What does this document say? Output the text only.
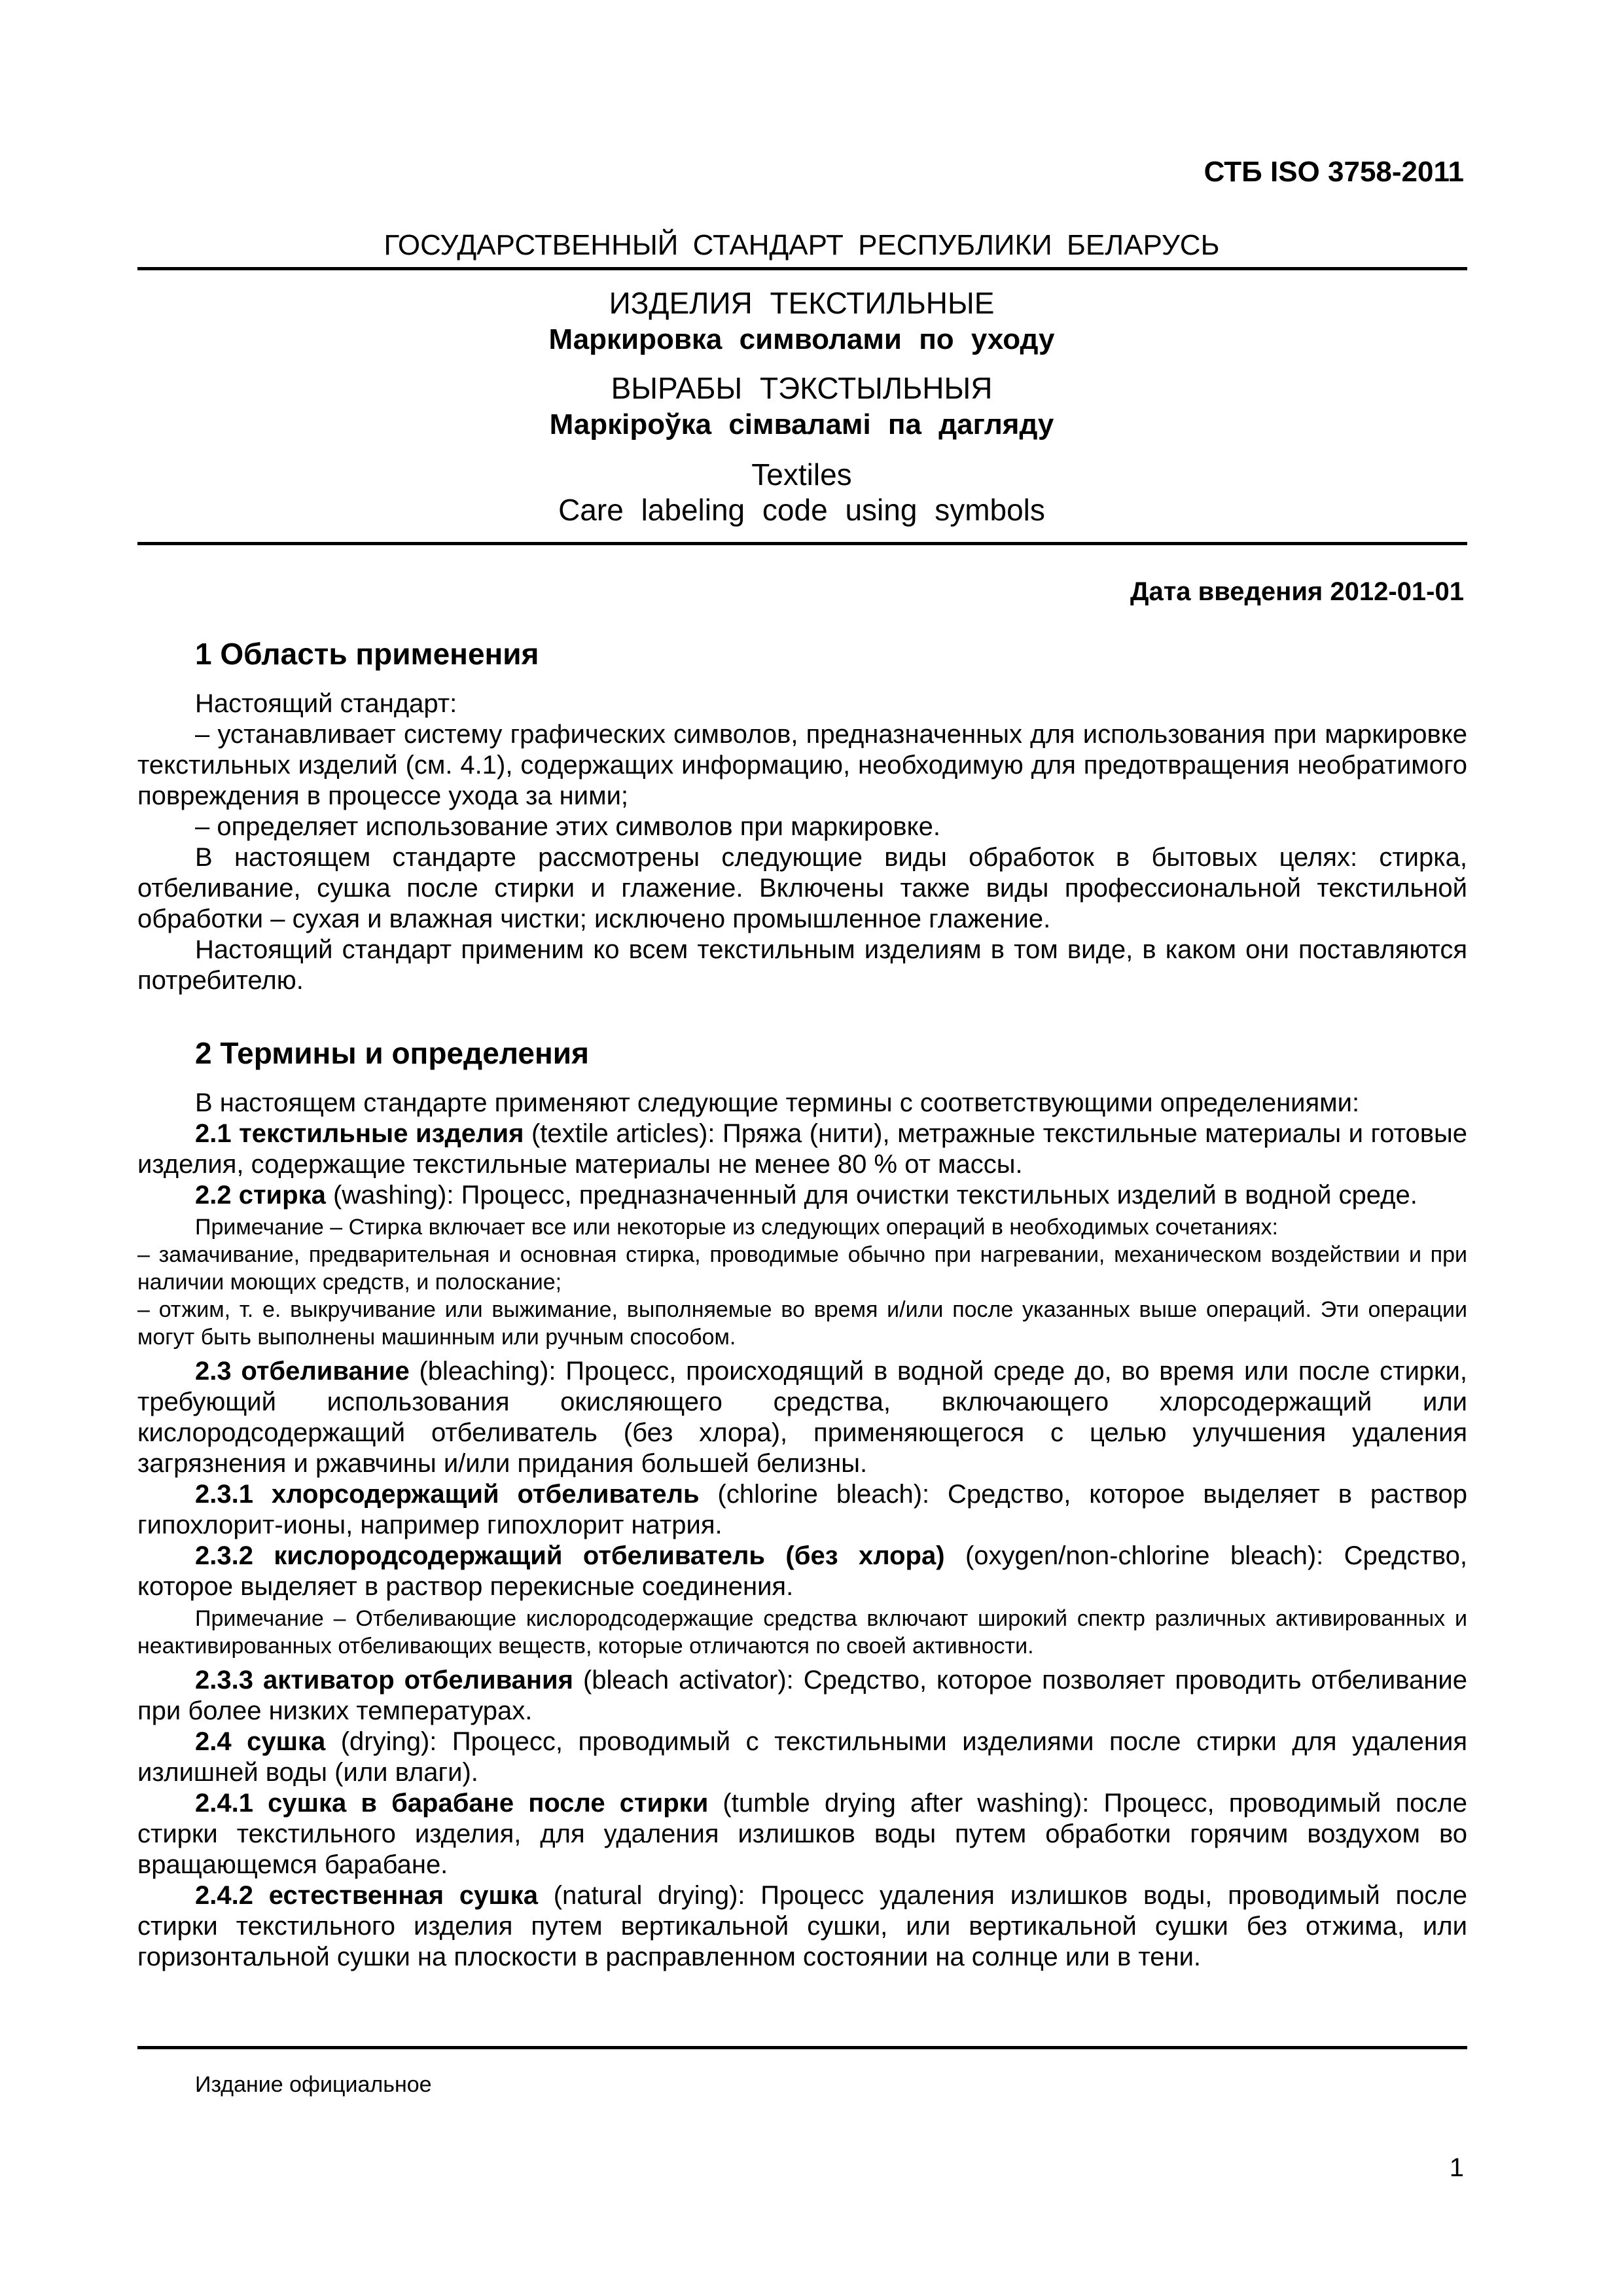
СТБ ISO 3758-2011
ГОСУДАРСТВЕННЫЙ СТАНДАРТ РЕСПУБЛИКИ БЕЛАРУСЬ
ИЗДЕЛИЯ ТЕКСТИЛЬНЫЕ
Маркировка символами по уходу
ВЫРАБЫ ТЭКСТЫЛЬНЫЯ
Маркіроўка сімваламі па дагляду
Textiles
Care labeling code using symbols
Дата введения 2012-01-01
1 Область применения

Настоящий стандарт:

– устанавливает систему графических символов, предназначенных для использования при маркировке текстильных изделий (см. 4.1), содержащих информацию, необходимую для предотвращения необратимого повреждения в процессе ухода за ними;

– определяет использование этих символов при маркировке.

В настоящем стандарте рассмотрены следующие виды обработок в бытовых целях: стирка, отбеливание, сушка после стирки и глажение. Включены также виды профессиональной текстильной обработки – сухая и влажная чистки; исключено промышленное глажение.

Настоящий стандарт применим ко всем текстильным изделиям в том виде, в каком они поставляются потребителю.

2 Термины и определения

В настоящем стандарте применяют следующие термины с соответствующими определениями:

2.1 текстильные изделия (textile articles): Пряжа (нити), метражные текстильные материалы и готовые изделия, содержащие текстильные материалы не менее 80 % от массы.

2.2 стирка (washing): Процесс, предназначенный для очистки текстильных изделий в водной среде.

Примечание – Стирка включает все или некоторые из следующих операций в необходимых сочетаниях:

– замачивание, предварительная и основная стирка, проводимые обычно при нагревании, механическом воздействии и при наличии моющих средств, и полоскание;

– отжим, т. е. выкручивание или выжимание, выполняемые во время и/или после указанных выше операций. Эти операции могут быть выполнены машинным или ручным способом.

2.3 отбеливание (bleaching): Процесс, происходящий в водной среде до, во время или после стирки, требующий использования окисляющего средства, включающего хлорсодержащий или кислородсодержащий отбеливатель (без хлора), применяющегося с целью улучшения удаления загрязнения и ржавчины и/или придания большей белизны.

2.3.1 хлорсодержащий отбеливатель (chlorine bleach): Средство, которое выделяет в раствор гипохлорит-ионы, например гипохлорит натрия.

2.3.2 кислородсодержащий отбеливатель (без хлора) (oxygen/non-chlorine bleach): Средство, которое выделяет в раствор перекисные соединения.

Примечание – Отбеливающие кислородсодержащие средства включают широкий спектр различных активированных и неактивированных отбеливающих веществ, которые отличаются по своей активности.

2.3.3 активатор отбеливания (bleach activator): Средство, которое позволяет проводить отбеливание при более низких температурах.

2.4 сушка (drying): Процесс, проводимый с текстильными изделиями после стирки для удаления излишней воды (или влаги).

2.4.1 сушка в барабане после стирки (tumble drying after washing): Процесс, проводимый после стирки текстильного изделия, для удаления излишков воды путем обработки горячим воздухом во вращающемся барабане.

2.4.2 естественная сушка (natural drying): Процесс удаления излишков воды, проводимый после стирки текстильного изделия путем вертикальной сушки, или вертикальной сушки без отжима, или горизонтальной сушки на плоскости в расправленном состоянии на солнце или в тени.

Издание официальное
1
